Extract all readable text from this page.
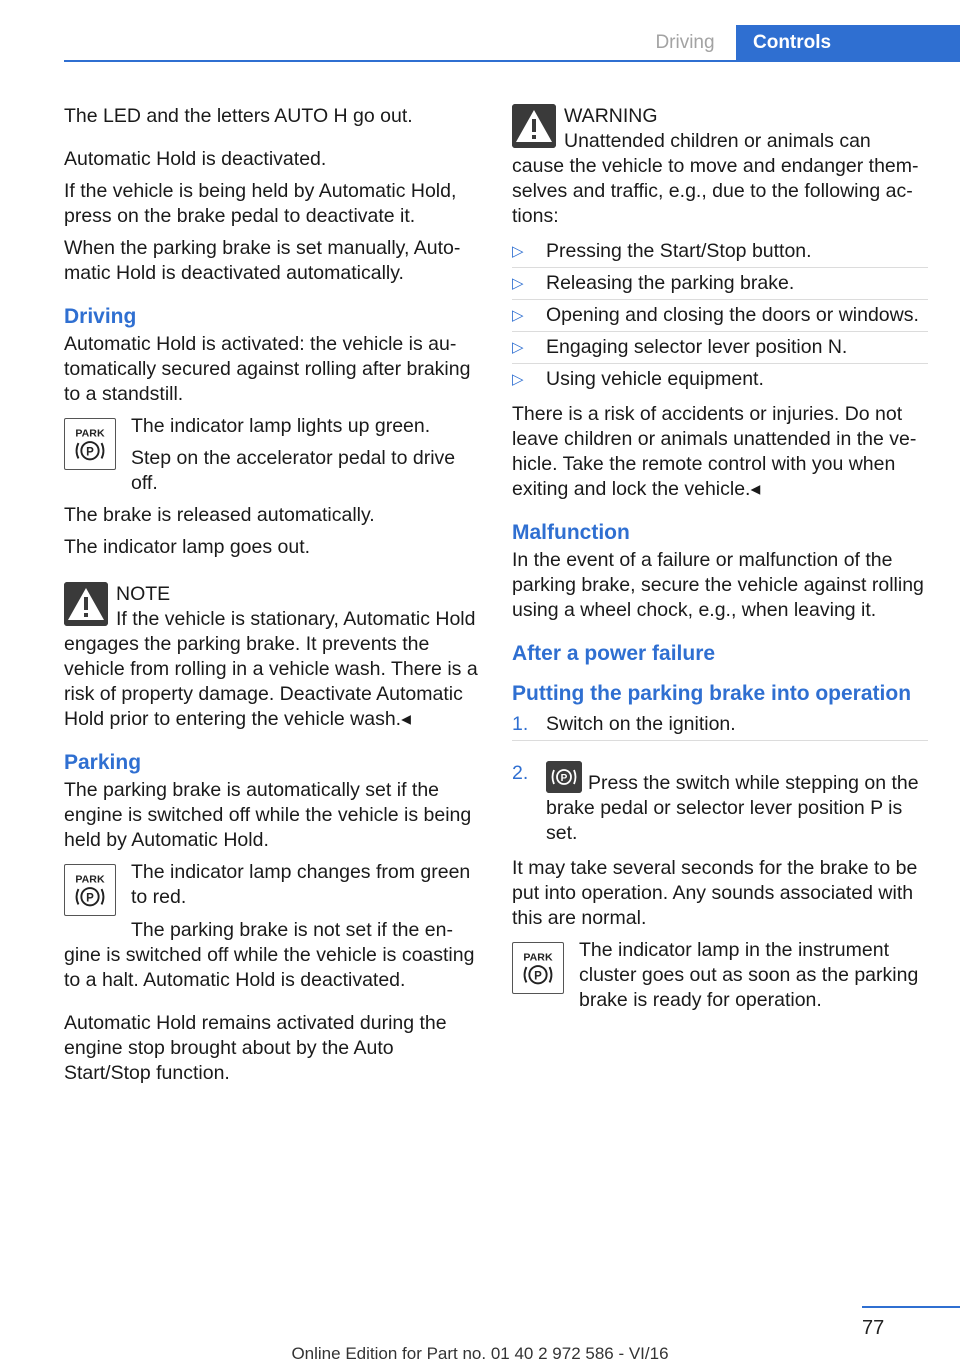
Driving	Controls

The LED and the letters AUTO H go out.

Automatic Hold is deactivated.

If the vehicle is being held by Automatic Hold, press on the brake pedal to deactivate it.

When the parking brake is set manually, Automatic Hold is deactivated automatically.

Driving

Automatic Hold is activated: the vehicle is automatically secured against rolling after braking to a standstill.

PARK
P

The indicator lamp lights up green.

Step on the accelerator pedal to drive off.

The brake is released automatically.

The indicator lamp goes out.

NOTE

If the vehicle is stationary, Automatic Hold engages the parking brake. It prevents the vehicle from rolling in a vehicle wash. There is a risk of property damage. Deactivate Automatic Hold prior to entering the vehicle wash.◂

Parking

The parking brake is automatically set if the engine is switched off while the vehicle is being held by Automatic Hold.

PARK
P

The indicator lamp changes from green to red.

The parking brake is not set if the engine is switched off while the vehicle is coasting to a halt. Automatic Hold is deactivated.

Automatic Hold remains activated during the engine stop brought about by the Auto Start/Stop function.

WARNING

Unattended children or animals can cause the vehicle to move and endanger themselves and traffic, e.g., due to the following actions:

▷ Pressing the Start/Stop button.
▷ Releasing the parking brake.
▷ Opening and closing the doors or windows.
▷ Engaging selector lever position N.
▷ Using vehicle equipment.

There is a risk of accidents or injuries. Do not leave children or animals unattended in the vehicle. Take the remote control with you when exiting and lock the vehicle.◂

Malfunction

In the event of a failure or malfunction of the parking brake, secure the vehicle against rolling using a wheel chock, e.g., when leaving it.

After a power failure
Putting the parking brake into operation
1. Switch on the ignition.
2.	P Press the switch while stepping on the brake pedal or selector lever position P is set.

It may take several seconds for the brake to be put into operation. Any sounds associated with this are normal.

PARK
P

The indicator lamp in the instrument cluster goes out as soon as the parking brake is ready for operation.

77
Online Edition for Part no. 01 40 2 972 586 - VI/16
